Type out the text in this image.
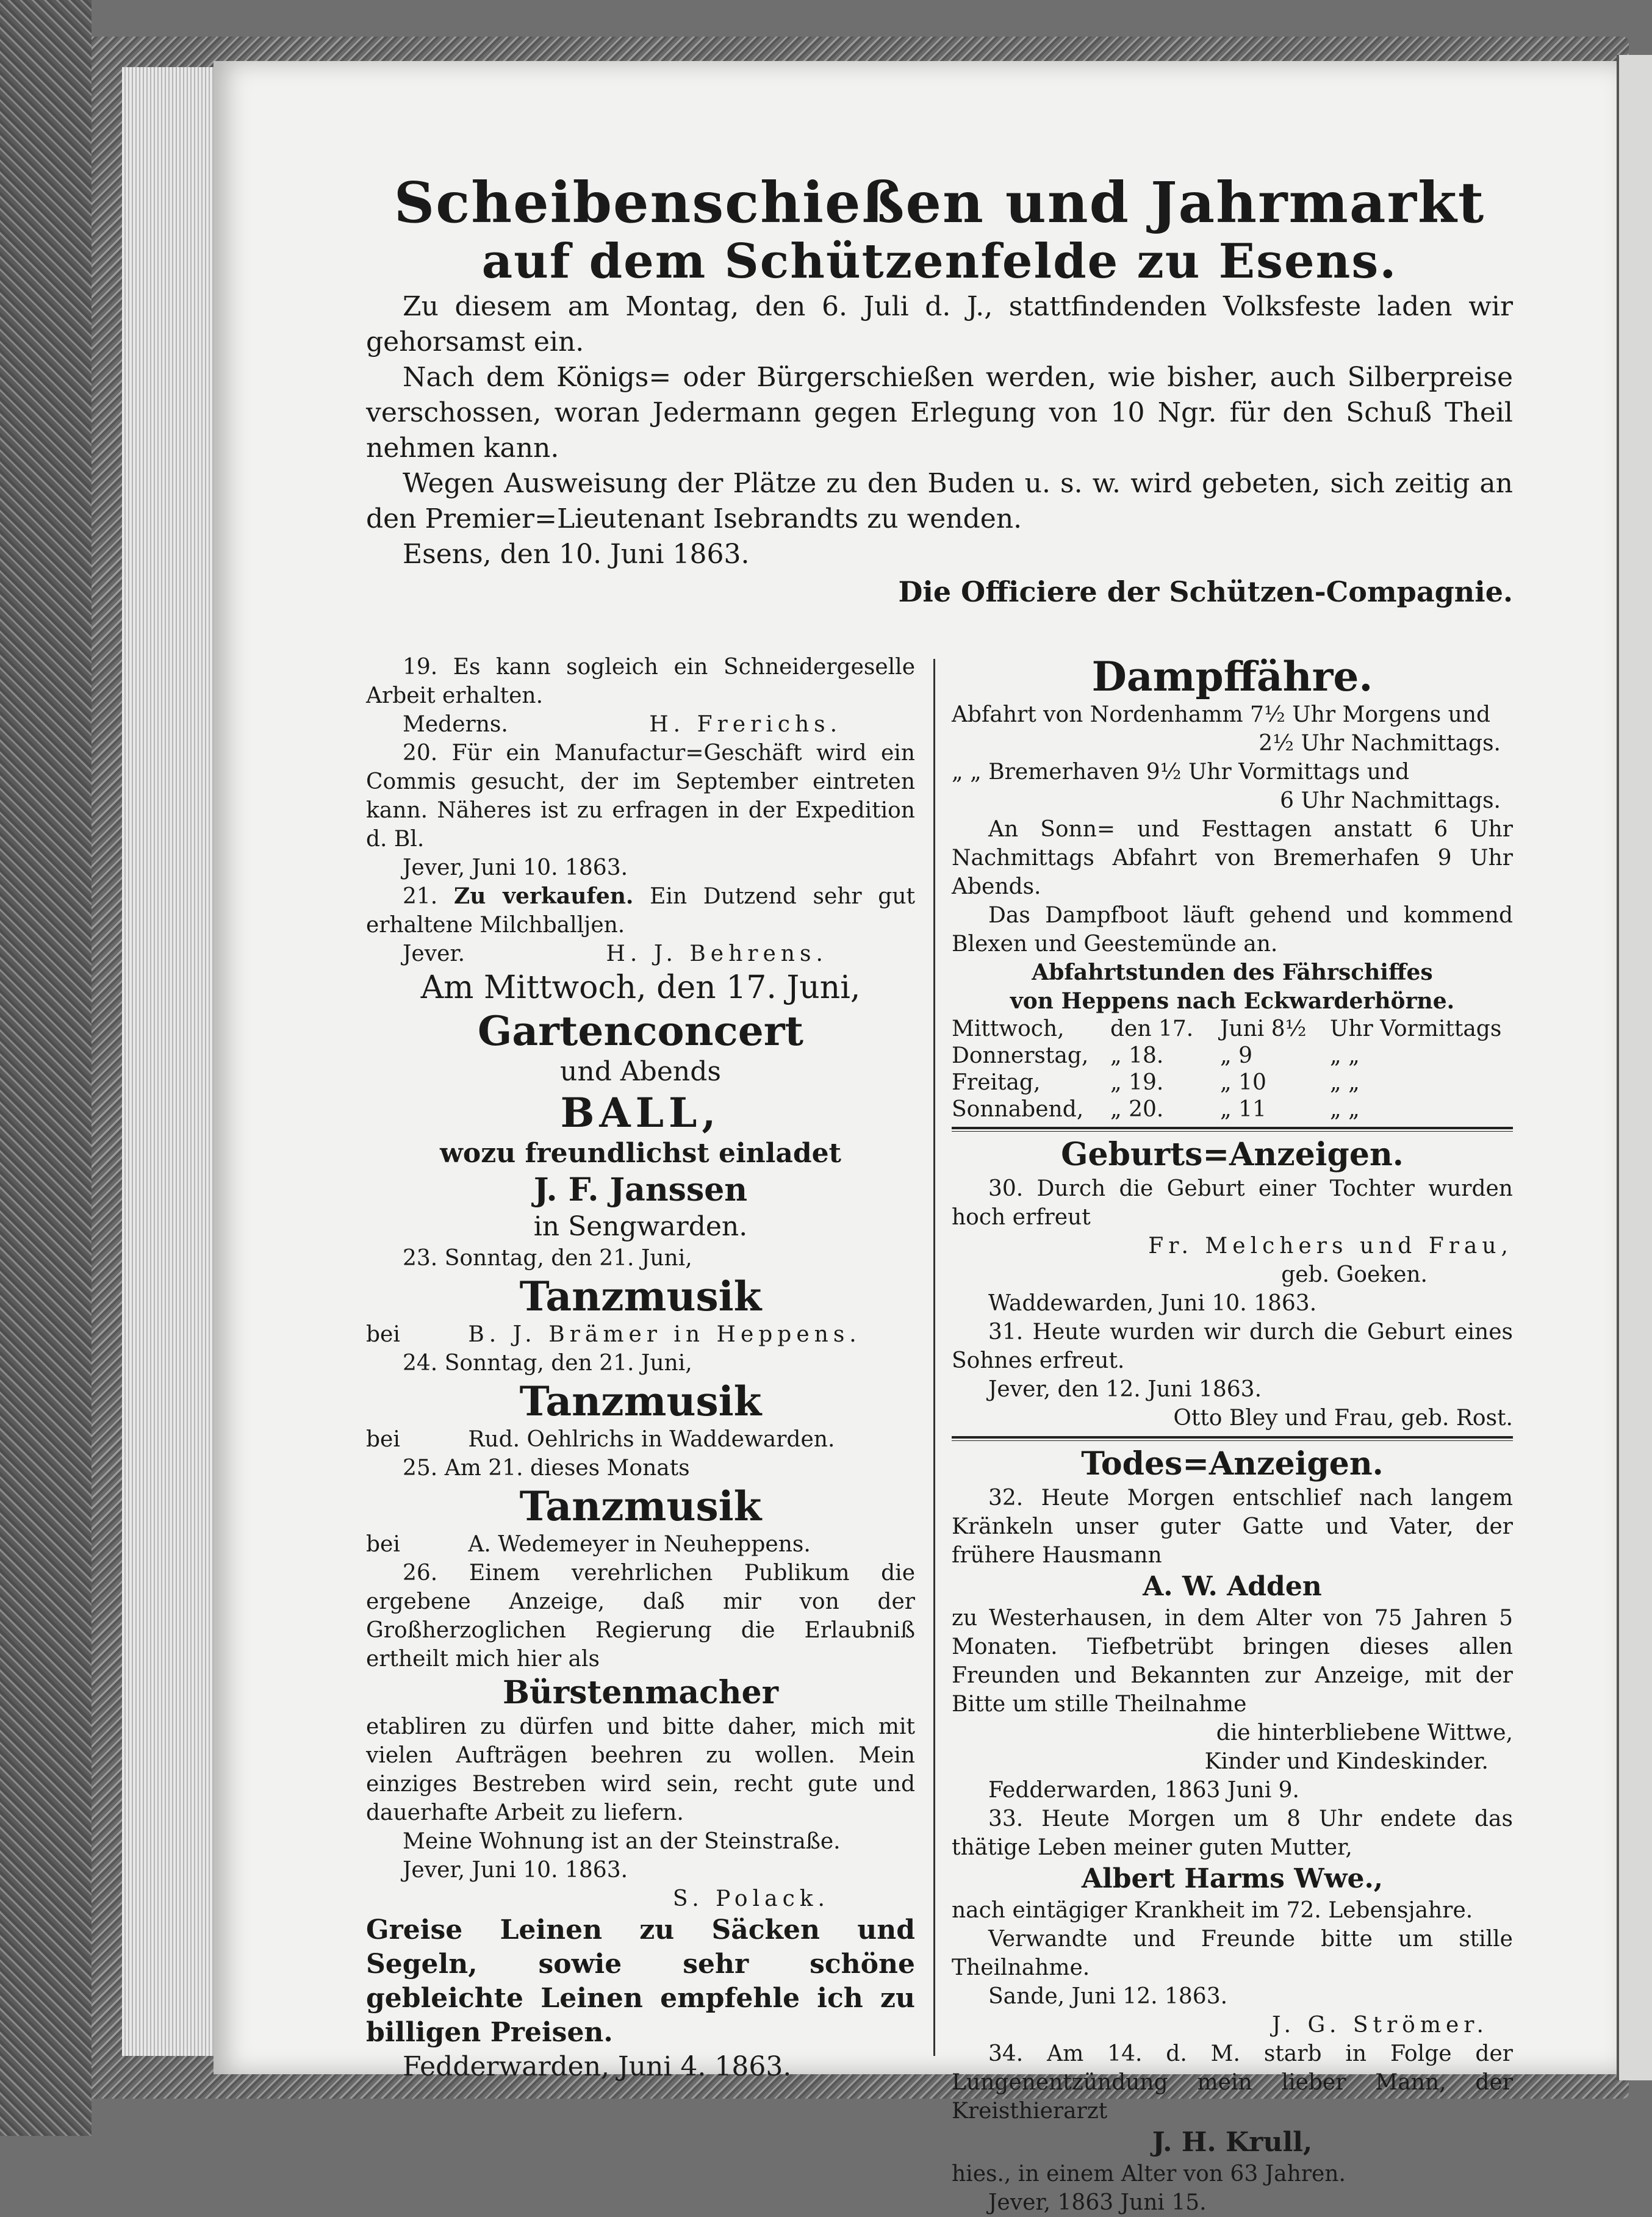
Scheibenschießen und Jahrmarkt
auf dem Schützenfelde zu Esens.

Zu diesem am Montag, den 6. Juli d. J., stattfindenden Volksfeste laden wir gehorsamst ein.

Nach dem Königs= oder Bürgerschießen werden, wie bisher, auch Silberpreise verschossen, woran Jedermann gegen Erlegung von 10 Ngr. für den Schuß Theil nehmen kann.

Wegen Ausweisung der Plätze zu den Buden u. s. w. wird gebeten, sich zeitig an den Premier=Lieutenant Isebrandts zu wenden.

Esens, den 10. Juni 1863.

Die Officiere der Schützen-Compagnie.

19. Es kann sogleich ein Schneidergeselle Arbeit erhalten.

Mederns.	H. Frerichs.

20. Für ein Manufactur=Geschäft wird ein Commis gesucht, der im September eintreten kann. Näheres ist zu erfragen in der Expedition d. Bl.

Jever, Juni 10. 1863.

21. Zu verkaufen. Ein Dutzend sehr gut erhaltene Milchballjen.

Jever.	H. J. Behrens.

Am Mittwoch, den 17. Juni,

Gartenconcert

und Abends

BALL,

wozu freundlichst einladet

J. F. Janssen

in Sengwarden.

23. Sonntag, den 21. Juni,

Tanzmusik

bei	B. J. Brämer in Heppens.

24. Sonntag, den 21. Juni,

Tanzmusik

bei	Rud. Oehlrichs in Waddewarden.

25. Am 21. dieses Monats

Tanzmusik

bei	A. Wedemeyer in Neuheppens.

26. Einem verehrlichen Publikum die ergebene Anzeige, daß mir von der Großherzoglichen Regierung die Erlaubniß ertheilt mich hier als

Bürstenmacher

etabliren zu dürfen und bitte daher, mich mit vielen Aufträgen beehren zu wollen. Mein einziges Bestreben wird sein, recht gute und dauerhafte Arbeit zu liefern.

Meine Wohnung ist an der Steinstraße.

Jever, Juni 10. 1863.

S. Polack.

Greise Leinen zu Säcken und Segeln, sowie sehr schöne gebleichte Leinen empfehle ich zu billigen Preisen.

Fedderwarden, Juni 4. 1863.

Dampffähre.

Abfahrt von Nordenhamm 7½ Uhr Morgens und

2½ Uhr Nachmittags.

„ „ Bremerhaven 9½ Uhr Vormittags und

6 Uhr Nachmittags.

An Sonn= und Festtagen anstatt 6 Uhr Nachmittags Abfahrt von Bremerhafen 9 Uhr Abends.

Das Dampfboot läuft gehend und kommend Blexen und Geestemünde an.

Abfahrtstunden des Fährschiffes

von Heppens nach Eckwarderhörne.

Mittwoch,	den 17.	Juni 8½	Uhr Vormittags
Donnerstag, „ 18.	„ 9	„ „
Freitag,	„ 19.	„ 10	„ „
Sonnabend,	„ 20.	„ 11	„ „

Geburts=Anzeigen.

30. Durch die Geburt einer Tochter wurden hoch erfreut

Fr. Melchers und Frau,

geb. Goeken.

Waddewarden, Juni 10. 1863.

31. Heute wurden wir durch die Geburt eines Sohnes erfreut.

Jever, den 12. Juni 1863.

Otto Bley und Frau, geb. Rost.

Todes=Anzeigen.

32. Heute Morgen entschlief nach langem Kränkeln unser guter Gatte und Vater, der frühere Hausmann

A. W. Adden

zu Westerhausen, in dem Alter von 75 Jahren 5 Monaten. Tiefbetrübt bringen dieses allen Freunden und Bekannten zur Anzeige, mit der Bitte um stille Theilnahme

die hinterbliebene Wittwe,

Kinder und Kindeskinder.

Fedderwarden, 1863 Juni 9.

33. Heute Morgen um 8 Uhr endete das thätige Leben meiner guten Mutter,

Albert Harms Wwe.,

nach eintägiger Krankheit im 72. Lebensjahre.

Verwandte und Freunde bitte um stille Theilnahme.

Sande, Juni 12. 1863.

J. G. Strömer.

34. Am 14. d. M. starb in Folge der Lungenentzündung mein lieber Mann, der Kreisthierarzt

J. H. Krull,

hies., in einem Alter von 63 Jahren.

Jever, 1863 Juni 15.
